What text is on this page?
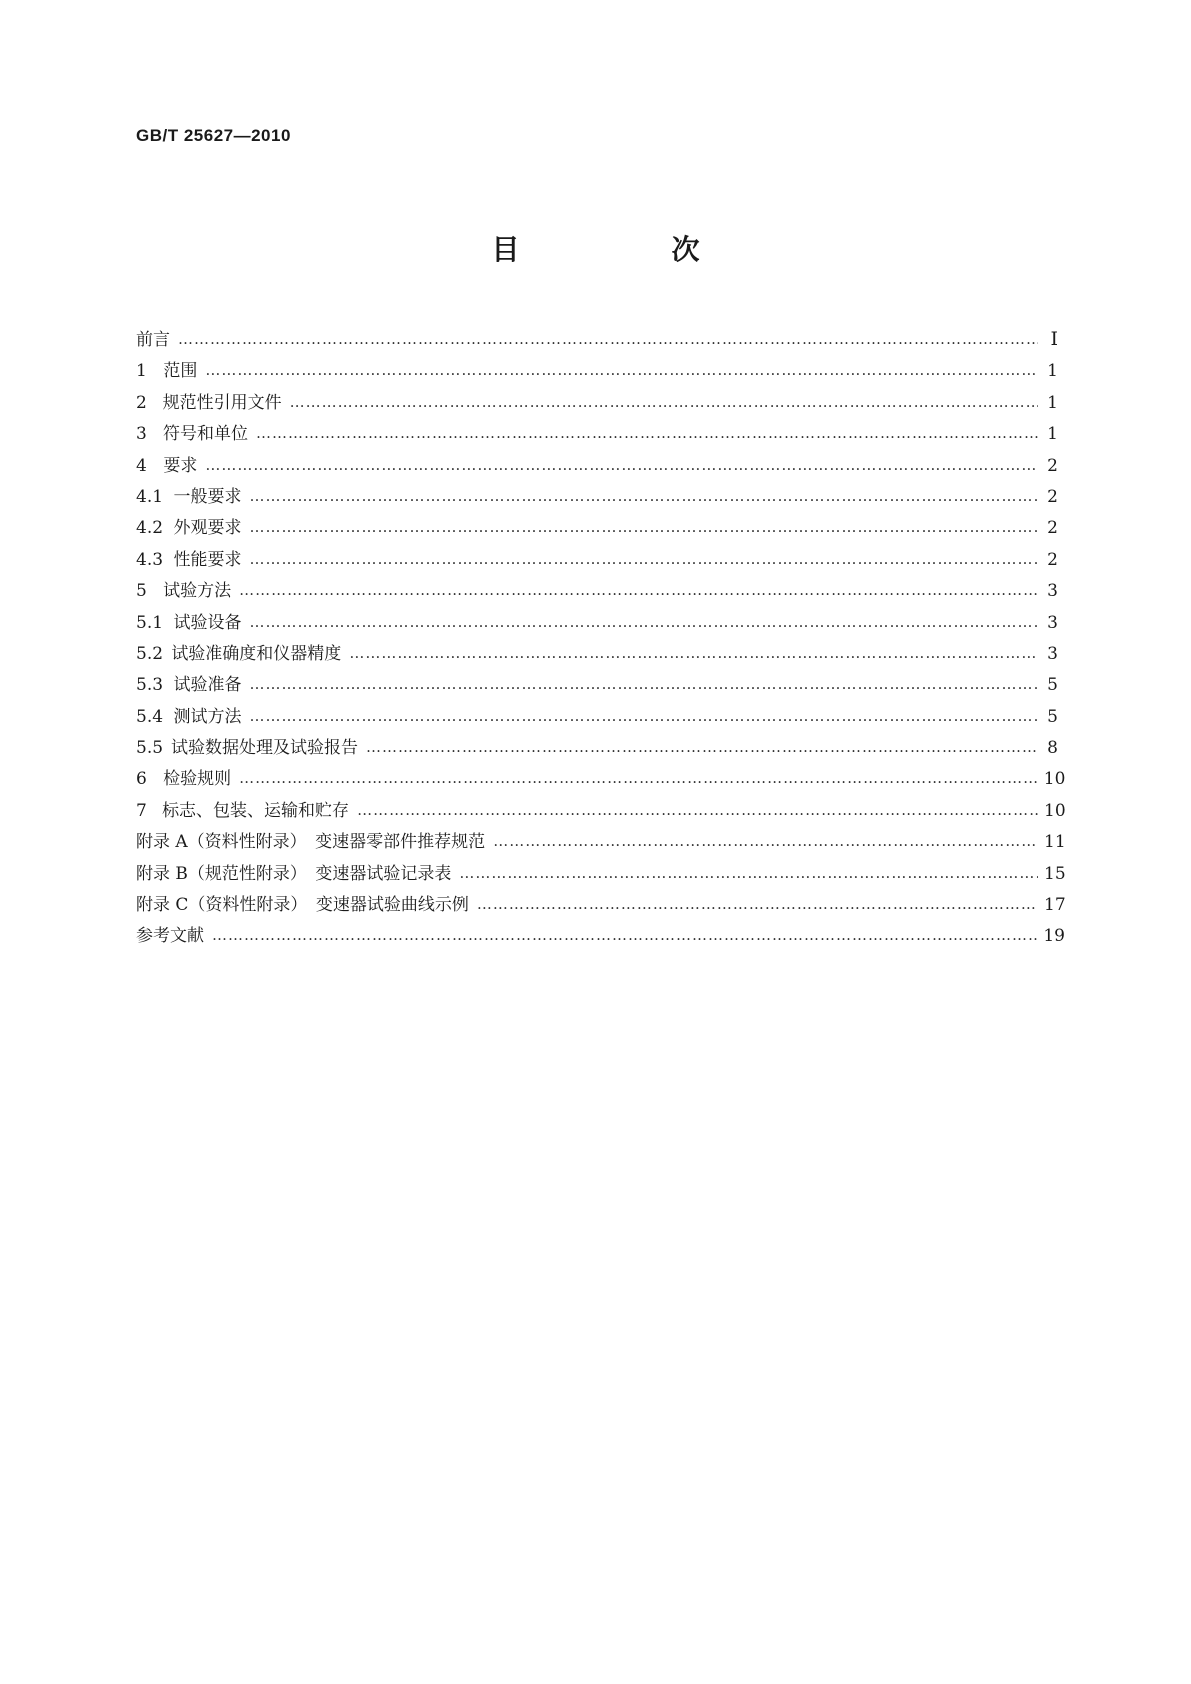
GB/T 25627—2010
目　次
前言 …………………………………………………………………………………………………………………………………………………………………………………………………………	Ⅰ
1 范围 …………………………………………………………………………………………………………………………………………………………………………………………………………	1
2 规范性引用文件 …………………………………………………………………………………………………………………………………………………………………………………………………………	1
3 符号和单位 …………………………………………………………………………………………………………………………………………………………………………………………………………	1
4 要求 …………………………………………………………………………………………………………………………………………………………………………………………………………	2
4.1 一般要求 …………………………………………………………………………………………………………………………………………………………………………………………………………	2
4.2 外观要求 …………………………………………………………………………………………………………………………………………………………………………………………………………	2
4.3 性能要求 …………………………………………………………………………………………………………………………………………………………………………………………………………	2
5 试验方法 …………………………………………………………………………………………………………………………………………………………………………………………………………	3
5.1 试验设备 …………………………………………………………………………………………………………………………………………………………………………………………………………	3
5.2 试验准确度和仪器精度 …………………………………………………………………………………………………………………………………………………………………………………………………………	3
5.3 试验准备 …………………………………………………………………………………………………………………………………………………………………………………………………………	5
5.4 测试方法 …………………………………………………………………………………………………………………………………………………………………………………………………………	5
5.5 试验数据处理及试验报告 …………………………………………………………………………………………………………………………………………………………………………………………………………	8
6 检验规则 …………………………………………………………………………………………………………………………………………………………………………………………………………	10
7 标志、包装、运输和贮存 …………………………………………………………………………………………………………………………………………………………………………………………………………	10
附录 A（资料性附录）　变速器零部件推荐规范 …………………………………………………………………………………………………………………………………………………………………………………………………………	11
附录 B（规范性附录）　变速器试验记录表 …………………………………………………………………………………………………………………………………………………………………………………………………………	15
附录 C（资料性附录）　变速器试验曲线示例 …………………………………………………………………………………………………………………………………………………………………………………………………………	17
参考文献 …………………………………………………………………………………………………………………………………………………………………………………………………………	19
